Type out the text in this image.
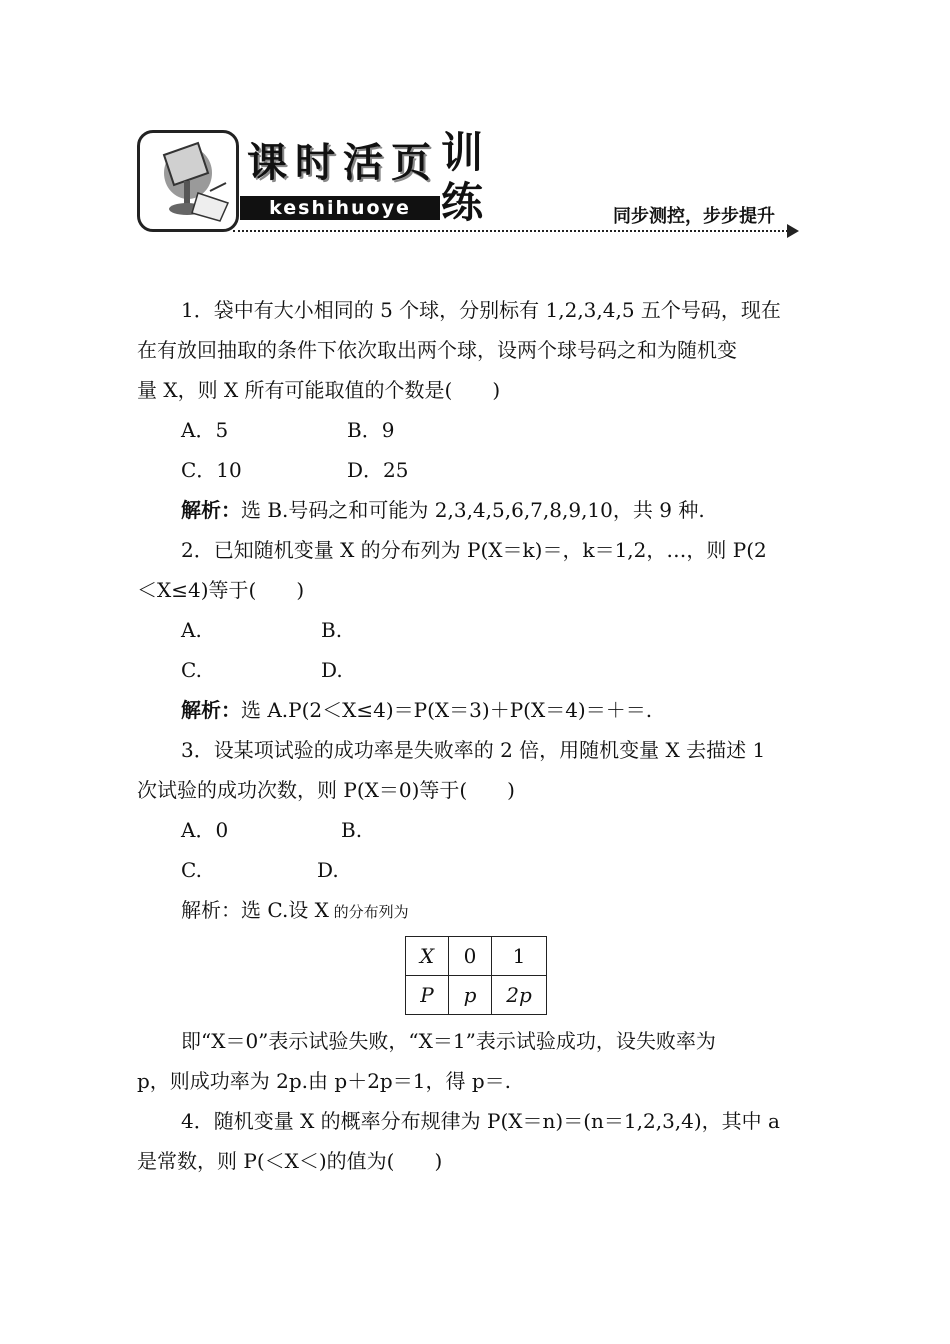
课 时 活 页 训
练
keshihuoye	同步测控，步步提升
1．袋中有大小相同的 5 个球，分别标有 1,2,3,4,5 五个号码，现在
在有放回抽取的条件下依次取出两个球，设两个球号码之和为随机变
量 X，则 X 所有可能取值的个数是(　　)
A．5	B．9
C．10	D．25
解析：选 B.号码之和可能为 2,3,4,5,6,7,8,9,10，共 9 种.
2．已知随机变量 X 的分布列为 P(X＝k)＝，k＝1,2，…，则 P(2
＜X≤4)等于(　　)
A.	B.
C.	D.
解析：选 A.P(2＜X≤4)＝P(X＝3)＋P(X＝4)＝＋＝.
3．设某项试验的成功率是失败率的 2 倍，用随机变量 X 去描述 1
次试验的成功次数，则 P(X＝0)等于(　　)
A．0	B.
C.	D.
解析：选 C.设 X 的分布列为
X	0	1
P	p	2p
即“X＝0”表示试验失败，“X＝1”表示试验成功，设失败率为
p，则成功率为 2p.由 p＋2p＝1，得 p＝.
4．随机变量 X 的概率分布规律为 P(X＝n)＝(n＝1,2,3,4)，其中 a
是常数，则 P(＜X＜)的值为(　　)
